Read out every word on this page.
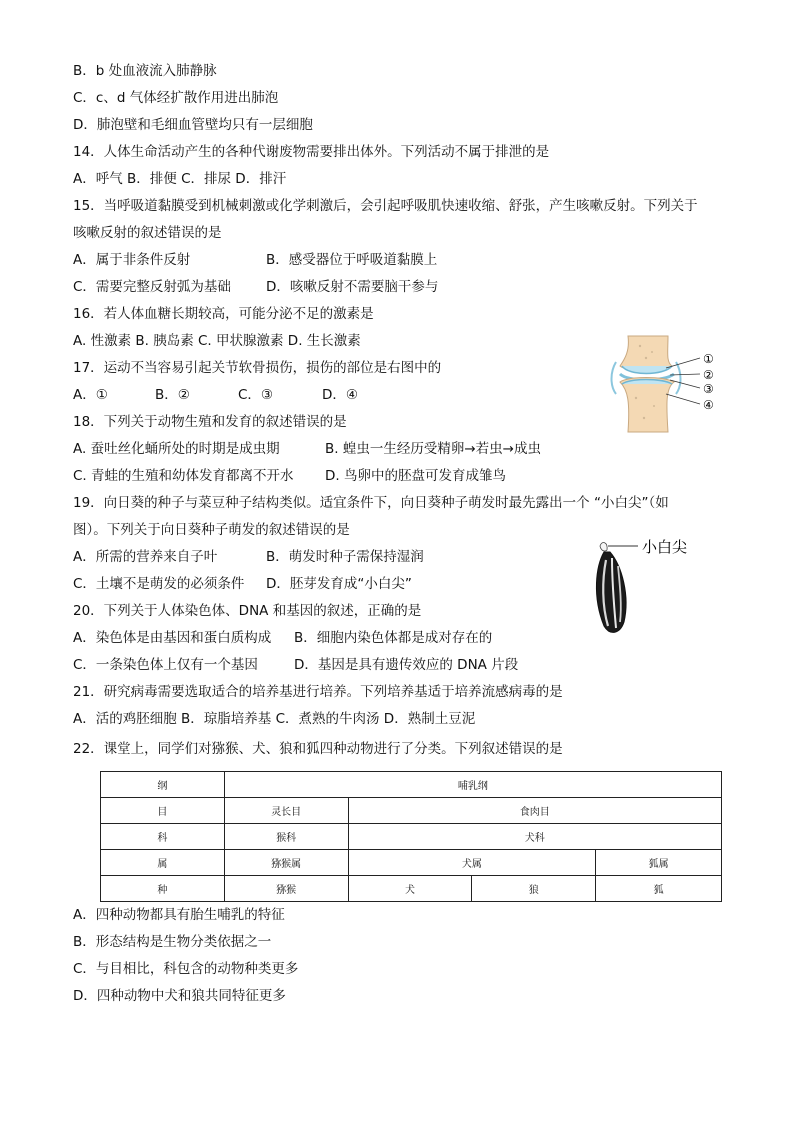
B．b 处血液流入肺静脉
C．c、d 气体经扩散作用进出肺泡
D．肺泡壁和毛细血管壁均只有一层细胞
14．人体生命活动产生的各种代谢废物需要排出体外。下列活动不属于排泄的是
A．呼气 B．排便 C．排尿 D．排汗
15．当呼吸道黏膜受到机械刺激或化学刺激后，会引起呼吸肌快速收缩、舒张，产生咳嗽反射。下列关于
咳嗽反射的叙述错误的是
A．属于非条件反射	B．感受器位于呼吸道黏膜上
C．需要完整反射弧为基础	D．咳嗽反射不需要脑干参与
16．若人体血糖长期较高，可能分泌不足的激素是
A. 性激素 B. 胰岛素 C. 甲状腺激素 D. 生长激素
17．运动不当容易引起关节软骨损伤，损伤的部位是右图中的
A．①	B．②	C．③	D．④
①
②
③
④
18．下列关于动物生殖和发育的叙述错误的是
A. 蚕吐丝化蛹所处的时期是成虫期	B. 蝗虫一生经历受精卵→若虫→成虫
C. 青蛙的生殖和幼体发育都离不开水 D. 鸟卵中的胚盘可发育成雏鸟
19．向日葵的种子与菜豆种子结构类似。适宜条件下，向日葵种子萌发时最先露出一个 “小白尖”（如
图）。下列关于向日葵种子萌发的叙述错误的是
A．所需的营养来自子叶	B．萌发时种子需保持湿润
C．土壤不是萌发的必须条件 D．胚芽发育成“小白尖”
小白尖
20．下列关于人体染色体、DNA 和基因的叙述，正确的是
A．染色体是由基因和蛋白质构成 B．细胞内染色体都是成对存在的
C．一条染色体上仅有一个基因	D．基因是具有遗传效应的 DNA 片段
21．研究病毒需要选取适合的培养基进行培养。下列培养基适于培养流感病毒的是
A．活的鸡胚细胞 B．琼脂培养基 C．煮熟的牛肉汤 D．熟制土豆泥
22．课堂上，同学们对猕猴、犬、狼和狐四种动物进行了分类。下列叙述错误的是
纲	哺乳纲			
目	灵长目	食肉目		
科	猴科	犬科		
属	猕猴属	犬属		狐属
种	猕猴	犬	狼	狐
A．四种动物都具有胎生哺乳的特征
B．形态结构是生物分类依据之一
C．与目相比，科包含的动物种类更多
D．四种动物中犬和狼共同特征更多
